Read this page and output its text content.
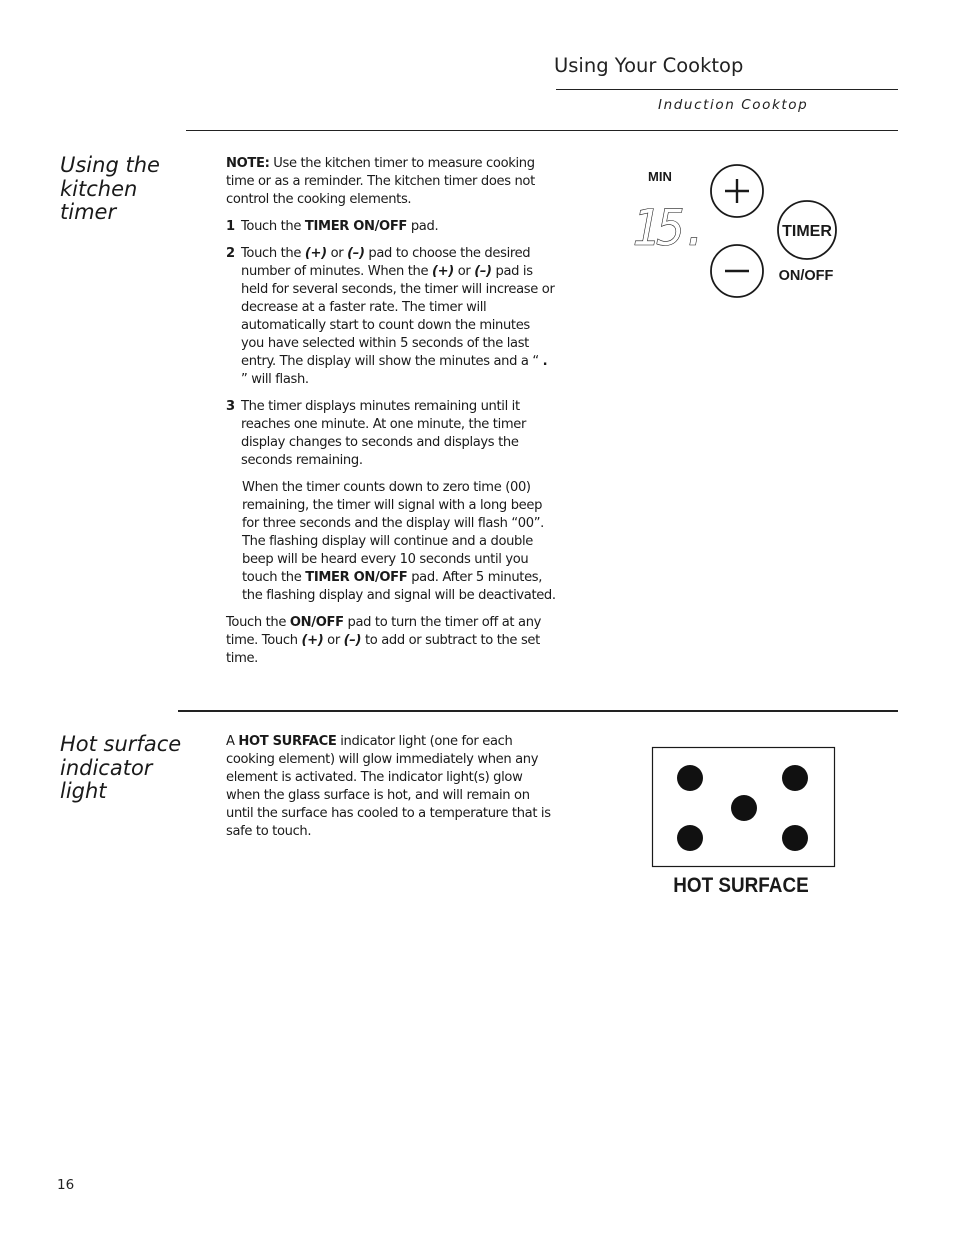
Using Your Cooktop
Induction Cooktop
Using the kitchen timer

NOTE: Use the kitchen timer to measure cooking time or as a reminder. The kitchen timer does not control the cooking elements.

1 Touch the TIMER ON/OFF pad.
2 Touch the (+) or (–) pad to choose the desired number of minutes. When the (+) or (–) pad is held for several seconds, the timer will increase or decrease at a faster rate. The timer will automatically start to count down the minutes you have selected within 5 seconds of the last entry. The display will show the minutes and a “ . ” will flash.
3 The timer displays minutes remaining until it reaches one minute. At one minute, the timer display changes to seconds and displays the seconds remaining.
When the timer counts down to zero time (00) remaining, the timer will signal with a long beep for three seconds and the display will flash “00”. The flashing display will continue and a double beep will be heard every 10 seconds until you touch the TIMER ON/OFF pad. After 5 minutes, the flashing display and signal will be deactivated.

Touch the ON/OFF pad to turn the timer off at any time. Touch (+) or (–) to add or subtract to the set time.

MIN
15.	TIMER
ON/OFF
Hot surface indicator light

A HOT SURFACE indicator light (one for each cooking element) will glow immediately when any element is activated. The indicator light(s) glow when the glass surface is hot, and will remain on until the surface has cooled to a temperature that is safe to touch.

HOT SURFACE
16
